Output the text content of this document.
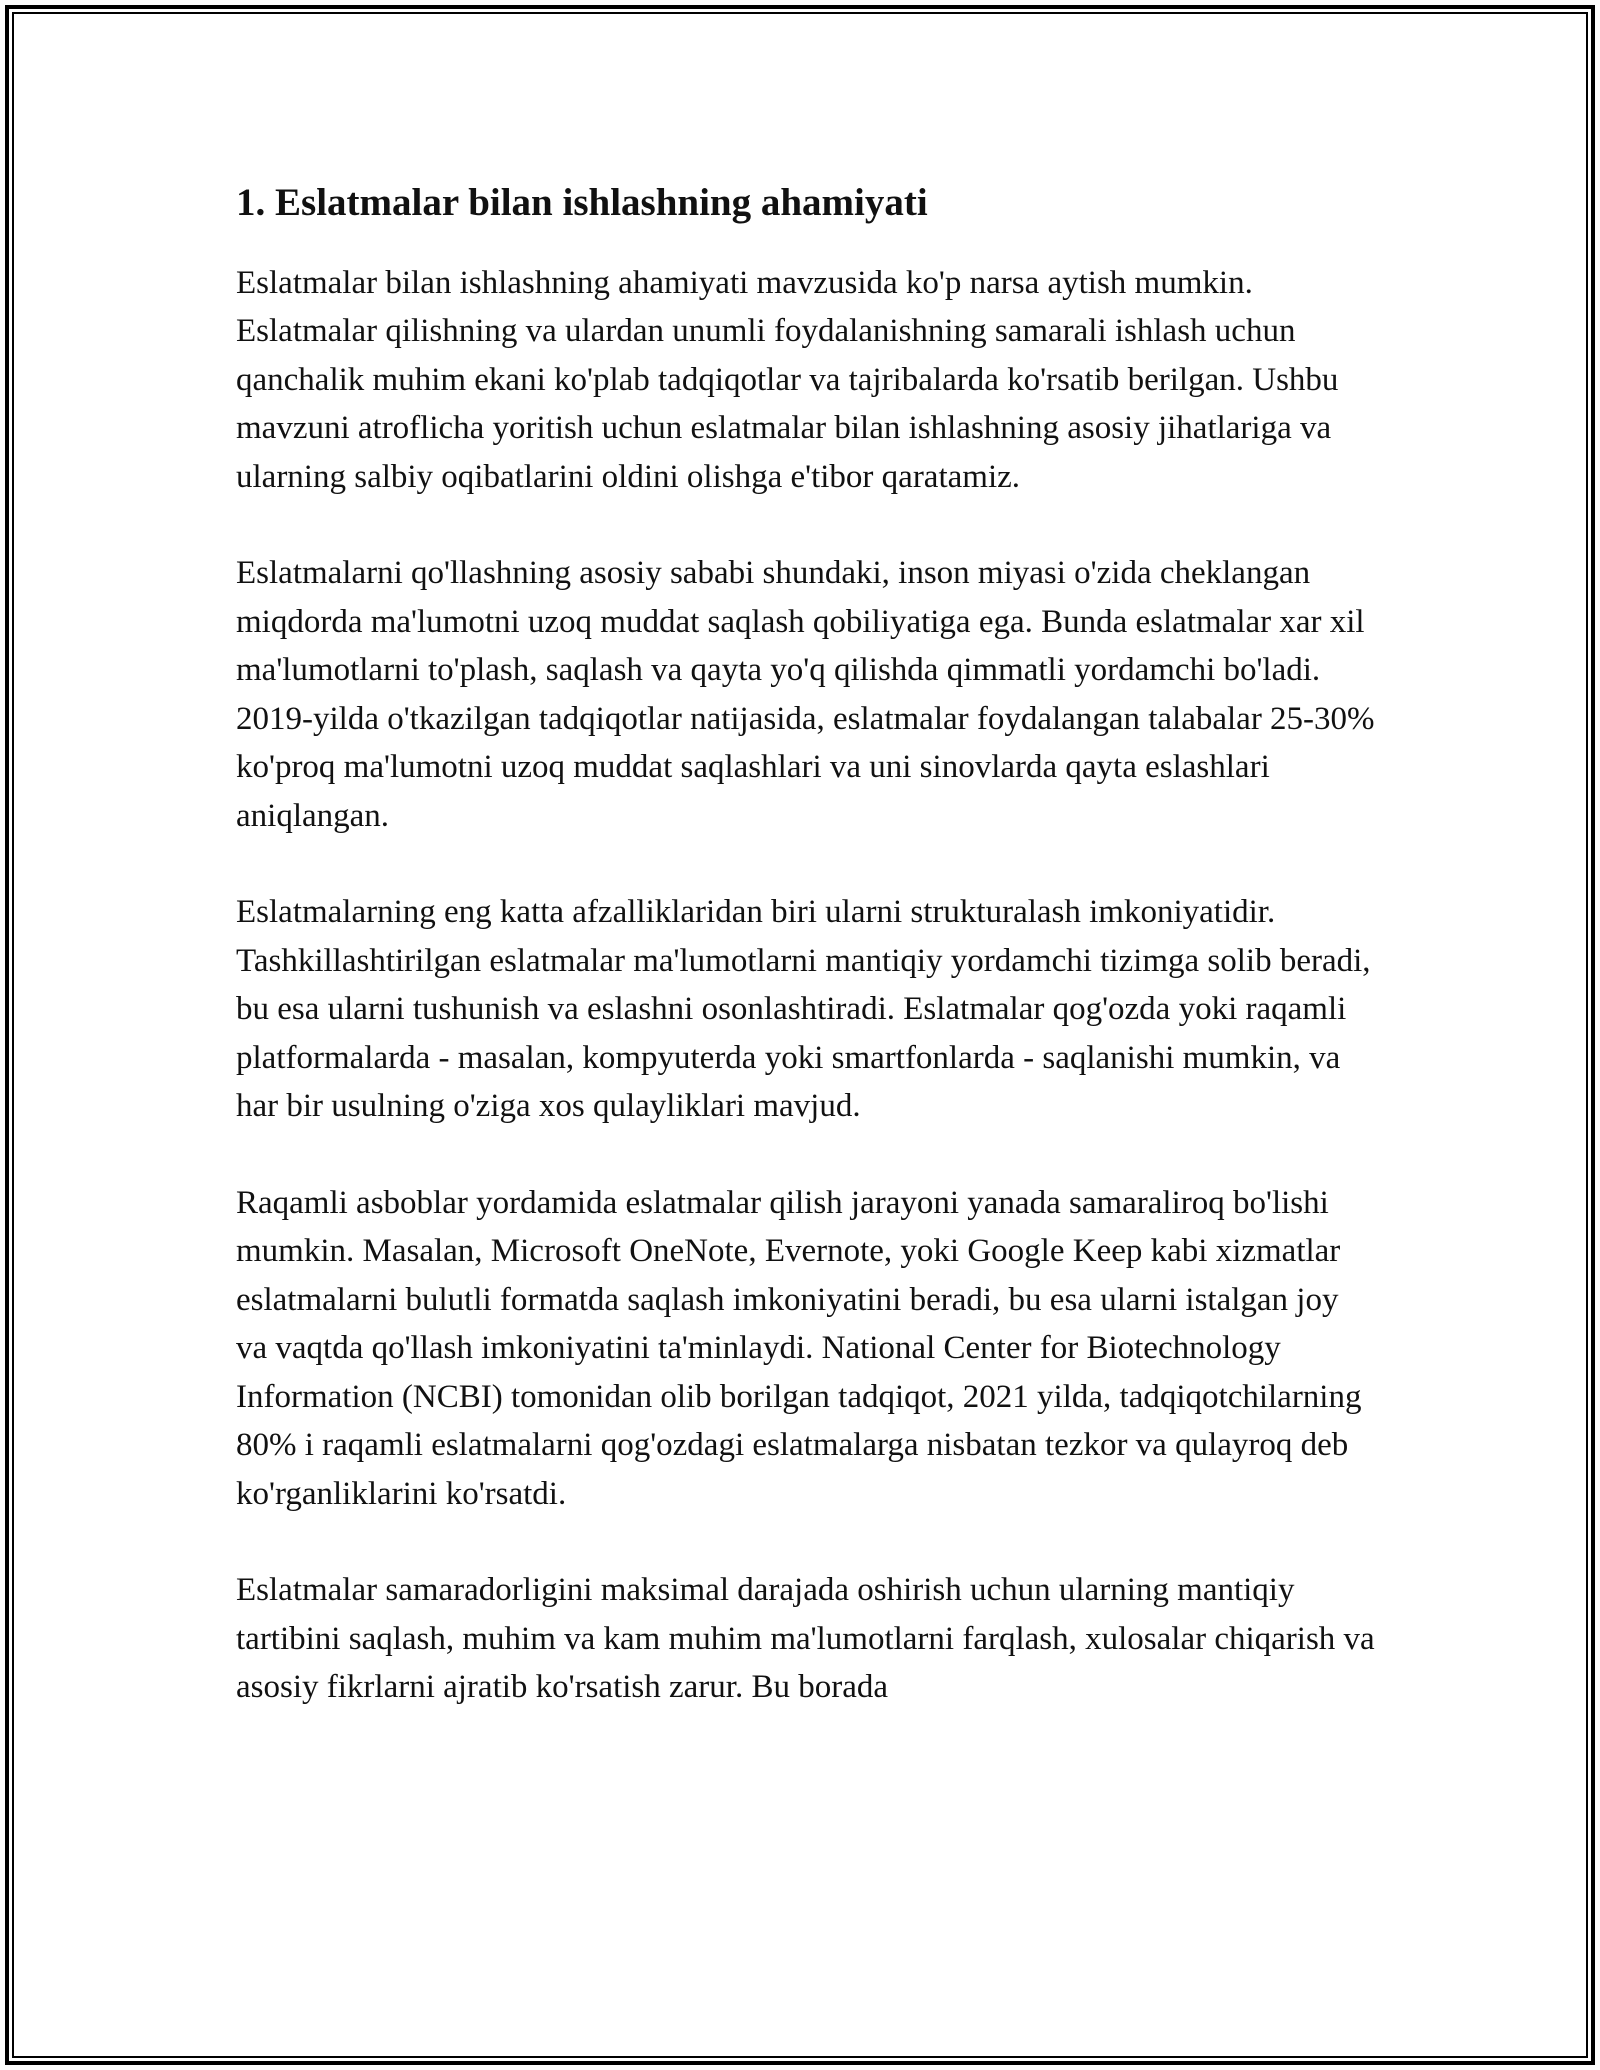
1. Eslatmalar bilan ishlashning ahamiyati

Eslatmalar bilan ishlashning ahamiyati mavzusida ko'p narsa aytish mumkin. Eslatmalar qilishning va ulardan unumli foydalanishning samarali ishlash uchun qanchalik muhim ekani ko'plab tadqiqotlar va tajribalarda ko'rsatib berilgan. Ushbu mavzuni atroflicha yoritish uchun eslatmalar bilan ishlashning asosiy jihatlariga va ularning salbiy oqibatlarini oldini olishga e'tibor qaratamiz.

Eslatmalarni qo'llashning asosiy sababi shundaki, inson miyasi o'zida cheklangan miqdorda ma'lumotni uzoq muddat saqlash qobiliyatiga ega. Bunda eslatmalar xar xil ma'lumotlarni to'plash, saqlash va qayta yo'q qilishda qimmatli yordamchi bo'ladi. 2019-yilda o'tkazilgan tadqiqotlar natijasida, eslatmalar foydalangan talabalar 25-30% ko'proq ma'lumotni uzoq muddat saqlashlari va uni sinovlarda qayta eslashlari aniqlangan.

Eslatmalarning eng katta afzalliklaridan biri ularni strukturalash imkoniyatidir. Tashkillashtirilgan eslatmalar ma'lumotlarni mantiqiy yordamchi tizimga solib beradi, bu esa ularni tushunish va eslashni osonlashtiradi. Eslatmalar qog'ozda yoki raqamli platformalarda - masalan, kompyuterda yoki smartfonlarda - saqlanishi mumkin, va har bir usulning o'ziga xos qulayliklari mavjud.

Raqamli asboblar yordamida eslatmalar qilish jarayoni yanada samaraliroq bo'lishi mumkin. Masalan, Microsoft OneNote, Evernote, yoki Google Keep kabi xizmatlar eslatmalarni bulutli formatda saqlash imkoniyatini beradi, bu esa ularni istalgan joy va vaqtda qo'llash imkoniyatini ta'minlaydi. National Center for Biotechnology Information (NCBI) tomonidan olib borilgan tadqiqot, 2021 yilda, tadqiqotchilarning 80% i raqamli eslatmalarni qog'ozdagi eslatmalarga nisbatan tezkor va qulayroq deb ko'rganliklarini ko'rsatdi.

Eslatmalar samaradorligini maksimal darajada oshirish uchun ularning mantiqiy tartibini saqlash, muhim va kam muhim ma'lumotlarni farqlash, xulosalar chiqarish va asosiy fikrlarni ajratib ko'rsatish zarur. Bu borada
